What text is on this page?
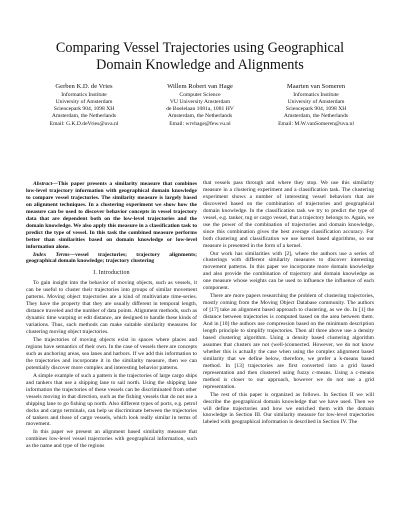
Comparing Vessel Trajectories using Geographical
Domain Knowledge and Alignments
Gerben K.D. de Vries
Informatics Institute
University of Amsterdam
Sciencepark 904, 1098 XH
Amsterdam, the Netherlands
Email: G.K.D.deVries@uva.nl
Willem Robert van Hage
Computer Science
VU University Amsterdam
de Boelelaan 1081a, 1081 HV
Amsterdam, the Netherlands
Email: wrvhage@few.vu.nl
Maarten van Someren
Informatics Institute
University of Amsterdam
Sciencepark 904, 1098 XH
Amsterdam, the Netherlands
Email: M.W.vanSomeren@uva.nl

Abstract—This paper presents a similarity measure that combines low-level trajectory information with geographical domain knowledge to compare vessel trajectories. The similarity measure is largely based on alignment techniques. In a clustering experiment we show how the measure can be used to discover behavior concepts in vessel trajectory data that are dependent both on the low-level trajectories and the domain knowledge. We also apply this measure in a classification task to predict the type of vessel. In this task the combined measure performs better than similarities based on domain knowledge or low-level information alone.

Index Terms—vessel trajectories; trajectory alignments; geographical domain knowledge; trajectory clustering

I. Introduction

To gain insight into the behavior of moving objects, such as vessels, it can be useful to cluster their trajectories into groups of similar movement patterns. Moving object trajectories are a kind of multivariate time-series. They have the property that they are usually different in temporal length, distance traveled and the number of data points. Alignment methods, such as dynamic time warping or edit distance, are designed to handle these kinds of variations. Thus, such methods can make suitable similarity measures for clustering moving object trajectories.

The trajectories of moving objects exist in spaces where places and regions have semantics of their own. In the case of vessels there are concepts such as anchoring areas, sea lanes and harbors. If we add this information to the trajectories and incorporate it in the similarity measure, then we can potentially discover more complex and interesting behavior patterns.

A simple example of such a pattern is the trajectories of large cargo ships and tankers that use a shipping lane to sail north. Using the shipping lane information the trajectories of these vessels can be discriminated from other vessels moving in that direction, such as the fishing vessels that do not use a shipping lane to go fishing up north. Also different types of ports, e.g. petrol docks and cargo terminals, can help us discriminate between the trajectories of tankers and those of cargo vessels, which look really similar in terms of movement.

In this paper we present an alignment based similarity measure that combines low-level vessel trajectories with geographical information, such as the name and type of the regions

that vessels pass through and where they stop. We use this similarity measure in a clustering experiment and a classification task. The clustering experiment shows a number of interesting vessel behaviors that are discovered based on the combination of trajectories and geographical domain knowledge. In the classification task we try to predict the type of vessel, e.g. tanker, tug or cargo vessel, that a trajectory belongs to. Again, we use the power of the combination of trajectories and domain knowledge, since this combination gives the best average classification accuracy. For both clustering and classification we use kernel based algorithms, so our measure is presented in the form of a kernel.

Our work has similarities with [2], where the authors use a series of clusterings with different similarity measures to discover interesting movement patterns. In this paper we incorporate more domain knowledge and also provide the combination of trajectory and domain knowledge as one measure whose weights can be used to influence the influence of each component.

There are more papers researching the problem of clustering trajectories, mostly coming from the Moving Object Database community. The authors of [17] take an alignment based approach to clustering, as we do. In [1] the distance between trajectories is computed based on the area between them. And in [10] the authors use compression based on the minimum description length principle to simplify trajectories. Then all three above use a density based clustering algorithm. Using a density based clustering algorithm assumes that clusters are not (well-)connected. However, we do not know whether this is actually the case when using the complex alignment based similarity that we define below, therefore, we prefer a k-means based method. In [13] trajectories are first converted into a grid based representation and then clustered using fuzzy c-means. Using a c-means method is closer to our approach, however we do not use a grid representation.

The rest of this paper is organized as follows. In Section II we will describe the geographical domain knowledge that we have used. Then we will define trajectories and how we enriched them with the domain knowledge in Section III. Our similarity measure for low-level trajectories labeled with geographical information is described in Section IV. The
